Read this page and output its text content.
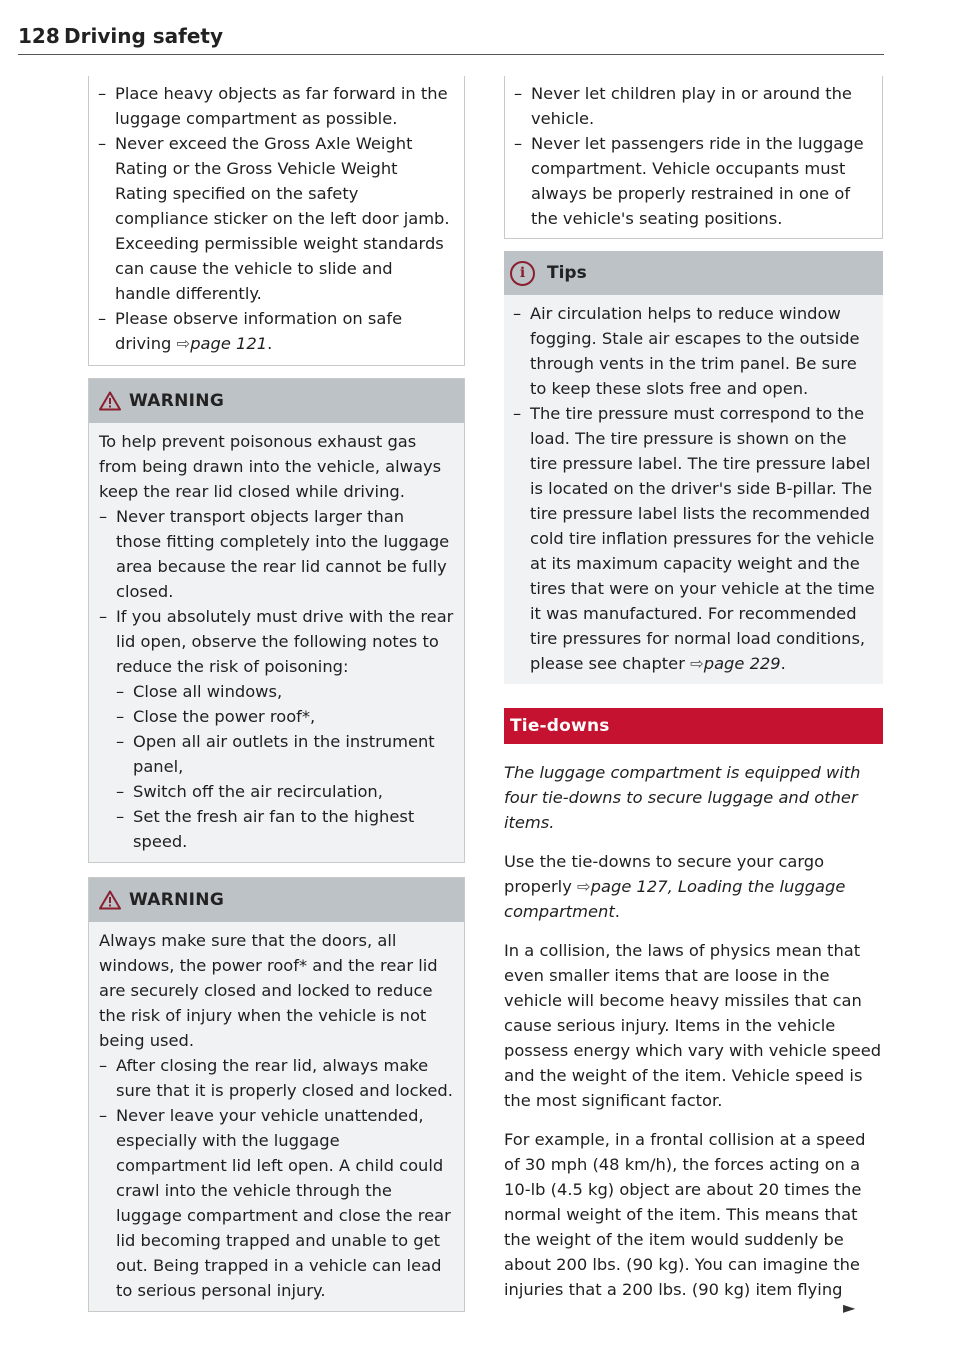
128 Driving safety
– Place heavy objects as far forward in the luggage compartment as possible.
– Never exceed the Gross Axle Weight Rating or the Gross Vehicle Weight Rating specified on the safety compliance sticker on the left door jamb. Exceeding permissible weight standards can cause the vehicle to slide and handle differently.
– Please observe information on safe driving ⇨page 121.
WARNING

To help prevent poisonous exhaust gas from being drawn into the vehicle, always keep the rear lid closed while driving.

– Never transport objects larger than those fitting completely into the luggage area because the rear lid cannot be fully closed.
– If you absolutely must drive with the rear lid open, observe the following notes to reduce the risk of poisoning:
– Close all windows,
– Close the power roof*,
– Open all air outlets in the instrument panel,
– Switch off the air recirculation,
– Set the fresh air fan to the highest speed.
WARNING

Always make sure that the doors, all windows, the power roof* and the rear lid are securely closed and locked to reduce the risk of injury when the vehicle is not being used.

– After closing the rear lid, always make sure that it is properly closed and locked.
– Never leave your vehicle unattended, especially with the luggage compartment lid left open. A child could crawl into the vehicle through the luggage compartment and close the rear lid becoming trapped and unable to get out. Being trapped in a vehicle can lead to serious personal injury.
– Never let children play in or around the vehicle.
– Never let passengers ride in the luggage compartment. Vehicle occupants must always be properly restrained in one of the vehicle's seating positions.
i	Tips
– Air circulation helps to reduce window fogging. Stale air escapes to the outside through vents in the trim panel. Be sure to keep these slots free and open.
– The tire pressure must correspond to the load. The tire pressure is shown on the tire pressure label. The tire pressure label is located on the driver's side B-pillar. The tire pressure label lists the recommended cold tire inflation pressures for the vehicle at its maximum capacity weight and the tires that were on your vehicle at the time it was manufactured. For recommended tire pressures for normal load conditions, please see chapter ⇨page 229.
Tie-downs

The luggage compartment is equipped with four tie-downs to secure luggage and other items.

Use the tie-downs to secure your cargo properly ⇨page 127, Loading the luggage compartment.

In a collision, the laws of physics mean that even smaller items that are loose in the vehicle will become heavy missiles that can cause serious injury. Items in the vehicle possess energy which vary with vehicle speed and the weight of the item. Vehicle speed is the most significant factor.

For example, in a frontal collision at a speed of 30 mph (48 km/h), the forces acting on a 10-lb (4.5 kg) object are about 20 times the normal weight of the item. This means that the weight of the item would suddenly be about 200 lbs. (90 kg). You can imagine the injuries that a 200 lbs. (90 kg) item flying

►
